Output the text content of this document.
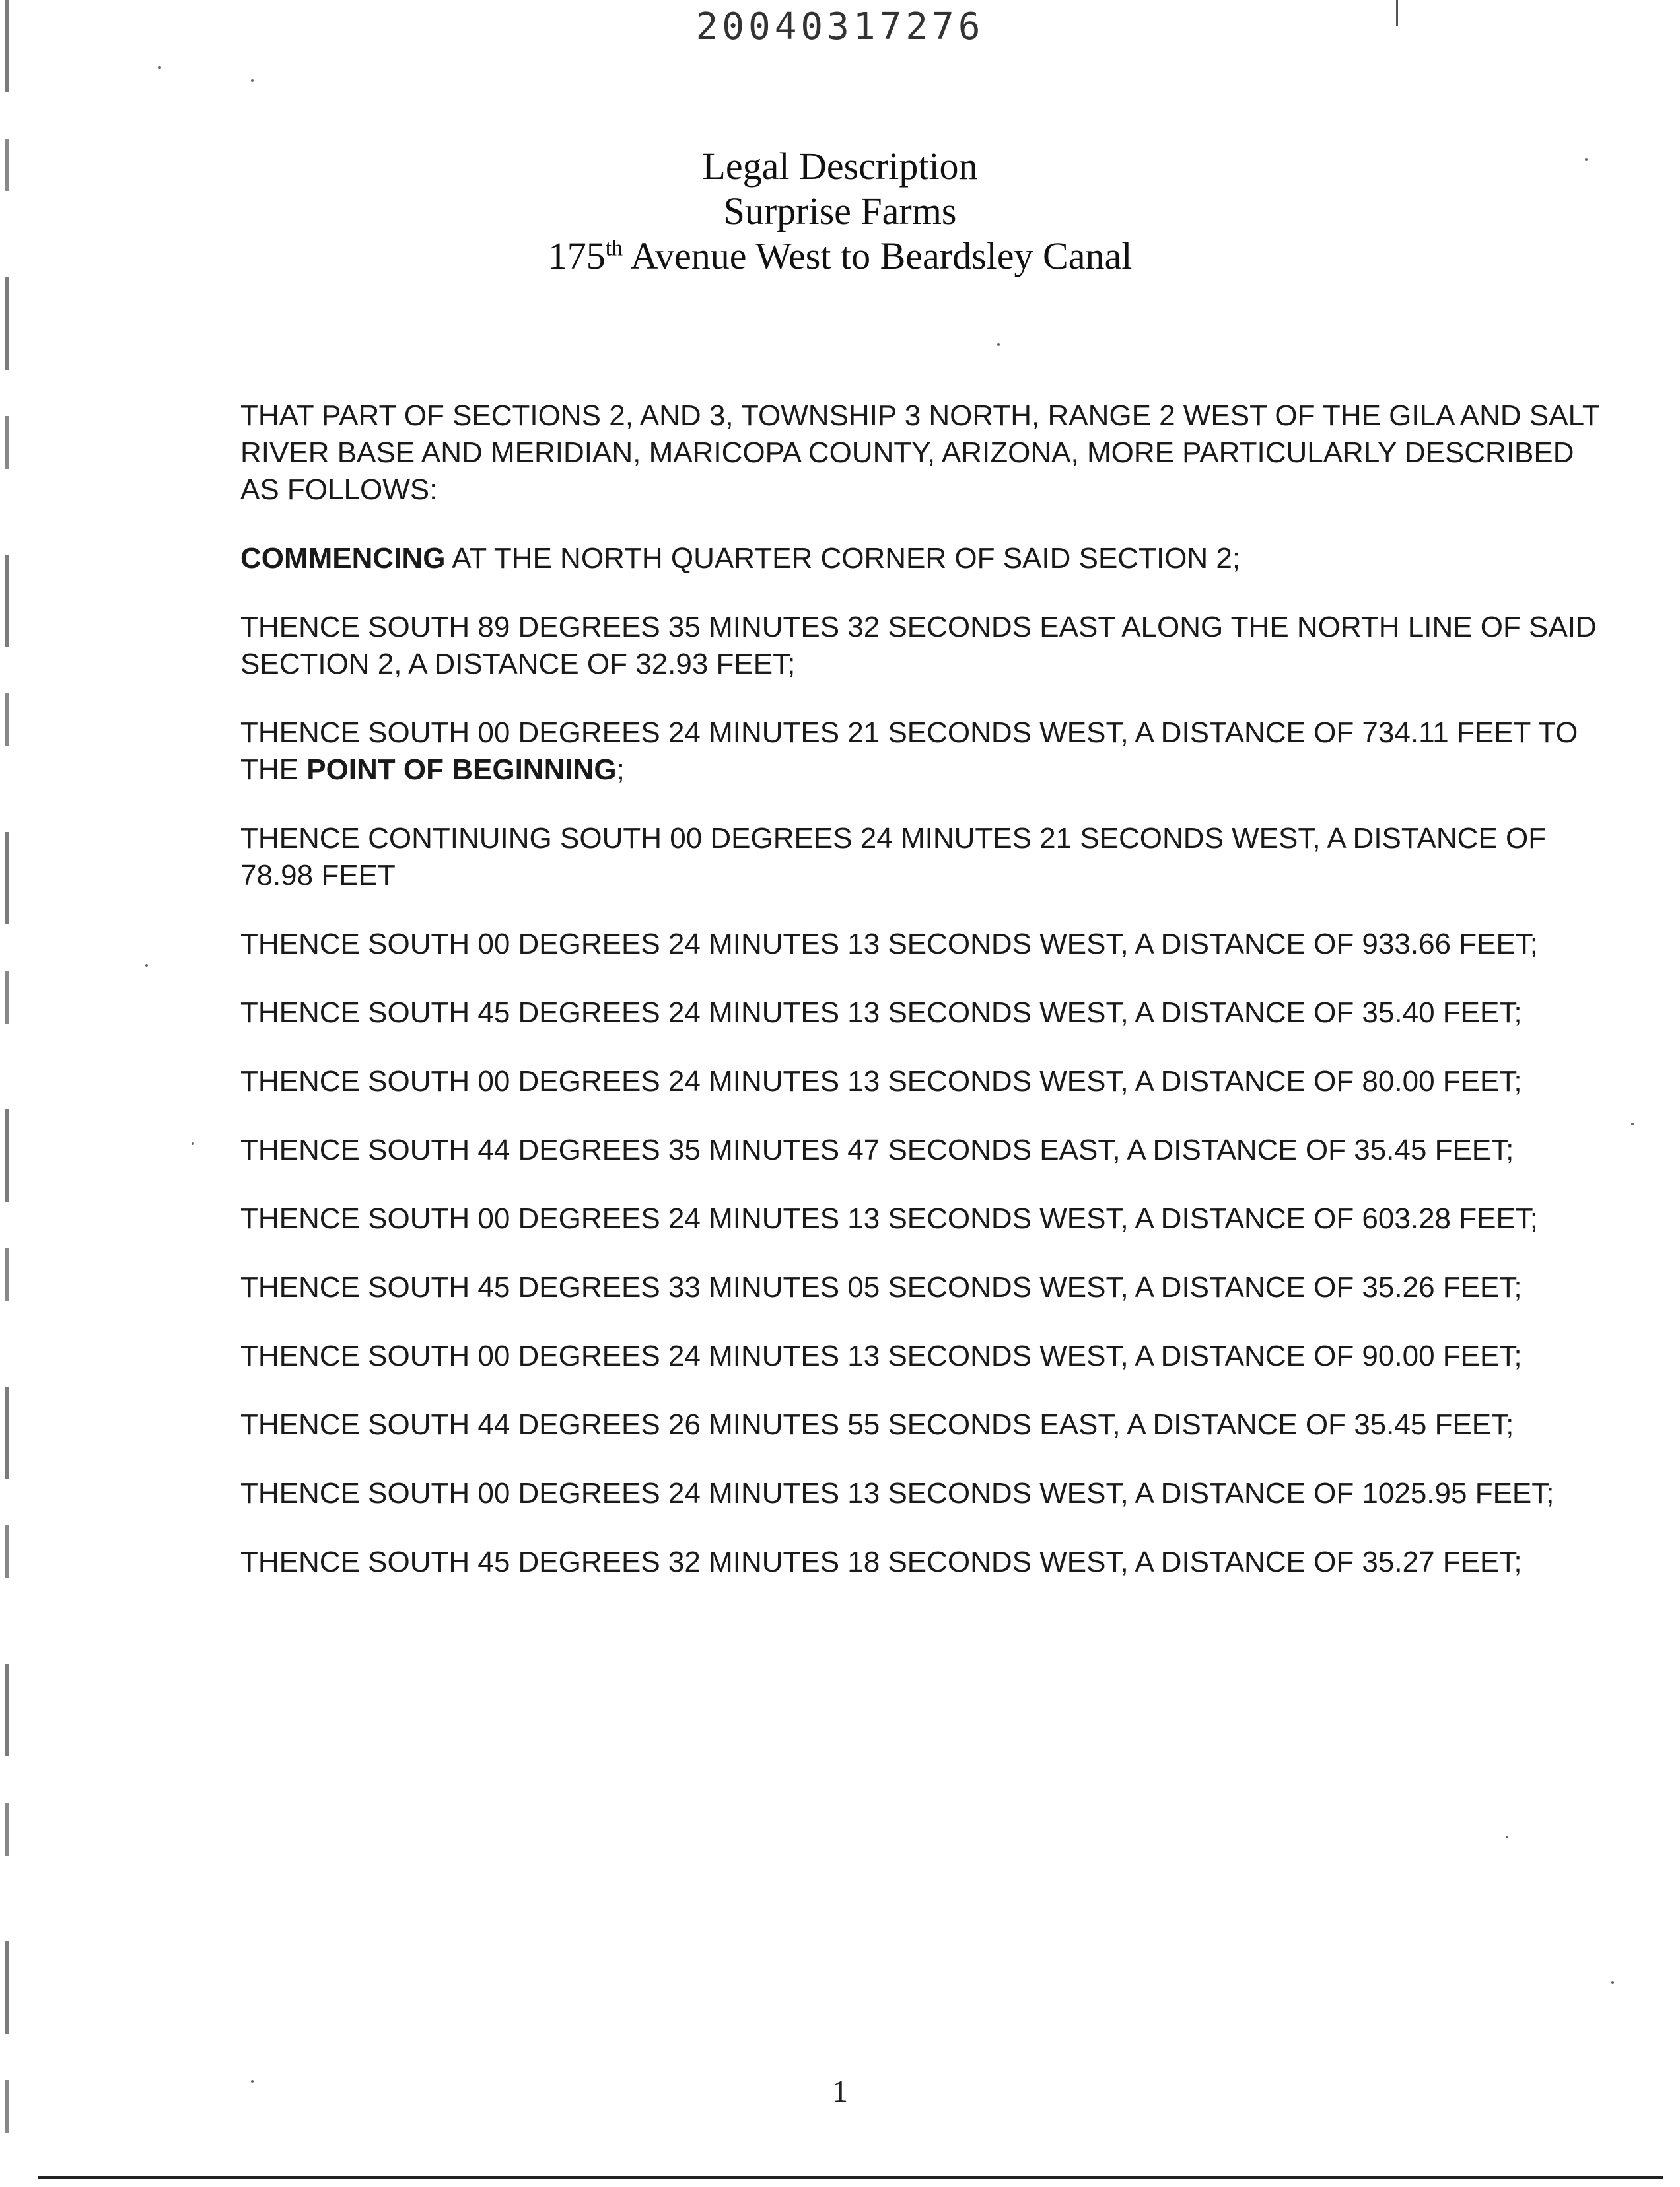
20040317276
Legal Description
Surprise Farms
175th Avenue West to Beardsley Canal

THAT PART OF SECTIONS 2, AND 3, TOWNSHIP 3 NORTH, RANGE 2 WEST OF THE GILA AND SALT RIVER BASE AND MERIDIAN, MARICOPA COUNTY, ARIZONA, MORE PARTICULARLY DESCRIBED AS FOLLOWS:

COMMENCING AT THE NORTH QUARTER CORNER OF SAID SECTION 2;

THENCE SOUTH 89 DEGREES 35 MINUTES 32 SECONDS EAST ALONG THE NORTH LINE OF SAID SECTION 2, A DISTANCE OF 32.93 FEET;

THENCE SOUTH 00 DEGREES 24 MINUTES 21 SECONDS WEST, A DISTANCE OF 734.11 FEET TO THE POINT OF BEGINNING;

THENCE CONTINUING SOUTH 00 DEGREES 24 MINUTES 21 SECONDS WEST, A DISTANCE OF 78.98 FEET

THENCE SOUTH 00 DEGREES 24 MINUTES 13 SECONDS WEST, A DISTANCE OF 933.66 FEET;

THENCE SOUTH 45 DEGREES 24 MINUTES 13 SECONDS WEST, A DISTANCE OF 35.40 FEET;

THENCE SOUTH 00 DEGREES 24 MINUTES 13 SECONDS WEST, A DISTANCE OF 80.00 FEET;

THENCE SOUTH 44 DEGREES 35 MINUTES 47 SECONDS EAST, A DISTANCE OF 35.45 FEET;

THENCE SOUTH 00 DEGREES 24 MINUTES 13 SECONDS WEST, A DISTANCE OF 603.28 FEET;

THENCE SOUTH 45 DEGREES 33 MINUTES 05 SECONDS WEST, A DISTANCE OF 35.26 FEET;

THENCE SOUTH 00 DEGREES 24 MINUTES 13 SECONDS WEST, A DISTANCE OF 90.00 FEET;

THENCE SOUTH 44 DEGREES 26 MINUTES 55 SECONDS EAST, A DISTANCE OF 35.45 FEET;

THENCE SOUTH 00 DEGREES 24 MINUTES 13 SECONDS WEST, A DISTANCE OF 1025.95 FEET;

THENCE SOUTH 45 DEGREES 32 MINUTES 18 SECONDS WEST, A DISTANCE OF 35.27 FEET;

1
